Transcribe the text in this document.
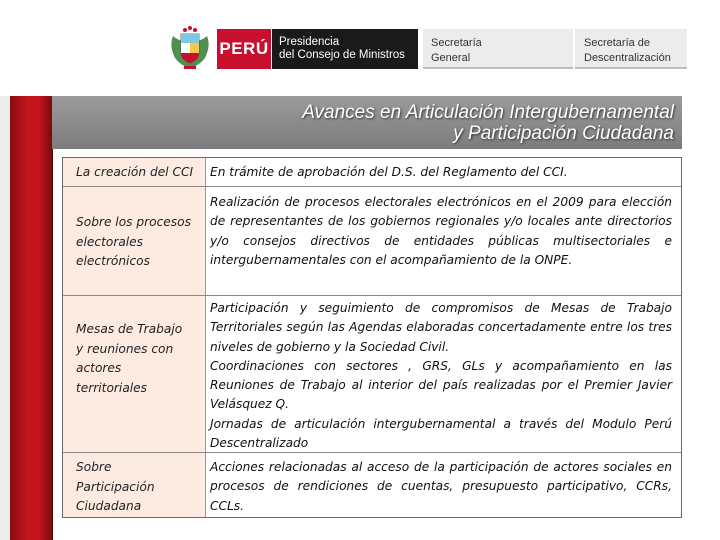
PERÚ Presidencia
del Consejo de Ministros
Secretaría
General
Secretaría de
Descentralización
Avances en Articulación Intergubernamental
y Participación Ciudadana
La creación del CCI	En trámite de aprobación del D.S. del Reglamento del CCI.

Sobre los procesos
electorales
electrónicos

Realización de procesos electorales electrónicos en el 2009 para elección de representantes de los gobiernos regionales y/o locales ante directorios y/o consejos directivos de entidades públicas multisectoriales e intergubernamentales con el acompañamiento de la ONPE.

Mesas de Trabajo
y reuniones con
actores
territoriales

Participación y seguimiento de compromisos de Mesas de Trabajo Territoriales según las Agendas elaboradas concertadamente entre los tres niveles de gobierno y la Sociedad Civil.

Coordinaciones con sectores , GRS, GLs y acompañamiento en las Reuniones de Trabajo al interior del país realizadas por el Premier Javier Velásquez Q.

Jornadas de articulación intergubernamental a través del Modulo Perú Descentralizado

Sobre
Participación
Ciudadana

Acciones relacionadas al acceso de la participación de actores sociales en procesos de rendiciones de cuentas, presupuesto participativo, CCRs, CCLs.
